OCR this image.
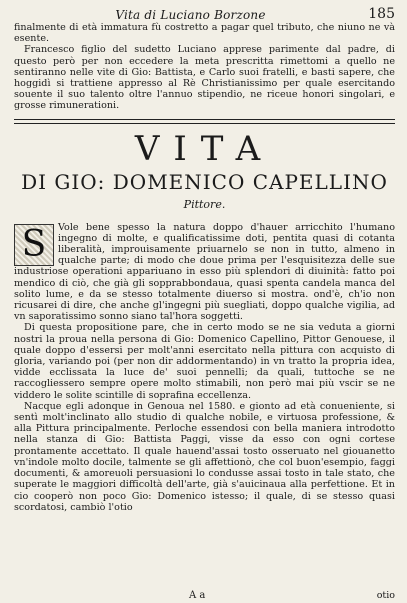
Vita di Luciano Borzone	185

finalmente di età immatura fù costretto a pagar quel tributo, che niuno ne và esente.

Francesco figlio del sudetto Luciano apprese parimente dal padre, di questo però per non eccedere la meta prescritta rimettomi a quello ne sentiranno nelle vite di Gio: Battista, e Carlo suoi fratelli, e basti sapere, che hoggidì si trattiene appresso al Rè Christianissimo per quale esercitando souente il suo talento oltre l'annuo stipendio, ne riceue honori singolari, e grosse rimunerationi.

VITA
DI GIO: DOMENICO CAPELLINO
Pittore.
S	Vole bene spesso la natura doppo d'hauer arricchito l'humano ingegno di molte, e qualificatissime doti, pentita quasi di cotanta liberalità, improuisamente priuarnelo se non in tutto, almeno in qualche parte; di modo che doue prima per l'esquisitezza delle sue industriose operationi appariuano in esso più splendori di diuinità: fatto poi mendico di ciò, che già gli sopprabbondaua, quasi spenta candela manca del solito lume, e da se stesso totalmente diuerso si mostra. ond'è, ch'io non ricusarei di dire, che anche gl'ingegni più suegliati, doppo qualche vigilia, ad vn saporatissimo sonno siano tal'hora soggetti.

Di questa propositione pare, che in certo modo se ne sia veduta a giorni nostri la proua nella persona di Gio: Domenico Capellino, Pittor Genouese, il quale doppo d'essersi per molt'anni esercitato nella pittura con acquisto di gloria, variando poi (per non dir addormentando) in vn tratto la propria idea, vidde ecclissata la luce de' suoi pennelli; da quali, tuttoche se ne raccogliessero sempre opere molto stimabili, non però mai più vscir se ne viddero le solite scintille di soprafina eccellenza.

Nacque egli adonque in Genoua nel 1580. e gionto ad età conueniente, si sentì molt'inclinato allo studio di qualche nobile, e virtuosa professione, & alla Pittura principalmente. Perloche essendosi con bella maniera introdotto nella stanza di Gio: Battista Paggi, visse da esso con ogni cortese prontamente accettato. Il quale hauend'assai tosto osseruato nel giouanetto vn'indole molto docile, talmente se gli affettionò, che col buon'esempio, faggi documenti, & amoreuoli persuasioni lo condusse assai tosto in tale stato, che superate le maggiori difficoltà dell'arte, già s'auicinaua alla perfettione. Et in cio cooperò non poco Gio: Domenico istesso; il quale, di se stesso quasi scordatosi, cambiò l'otio

A a	otio
